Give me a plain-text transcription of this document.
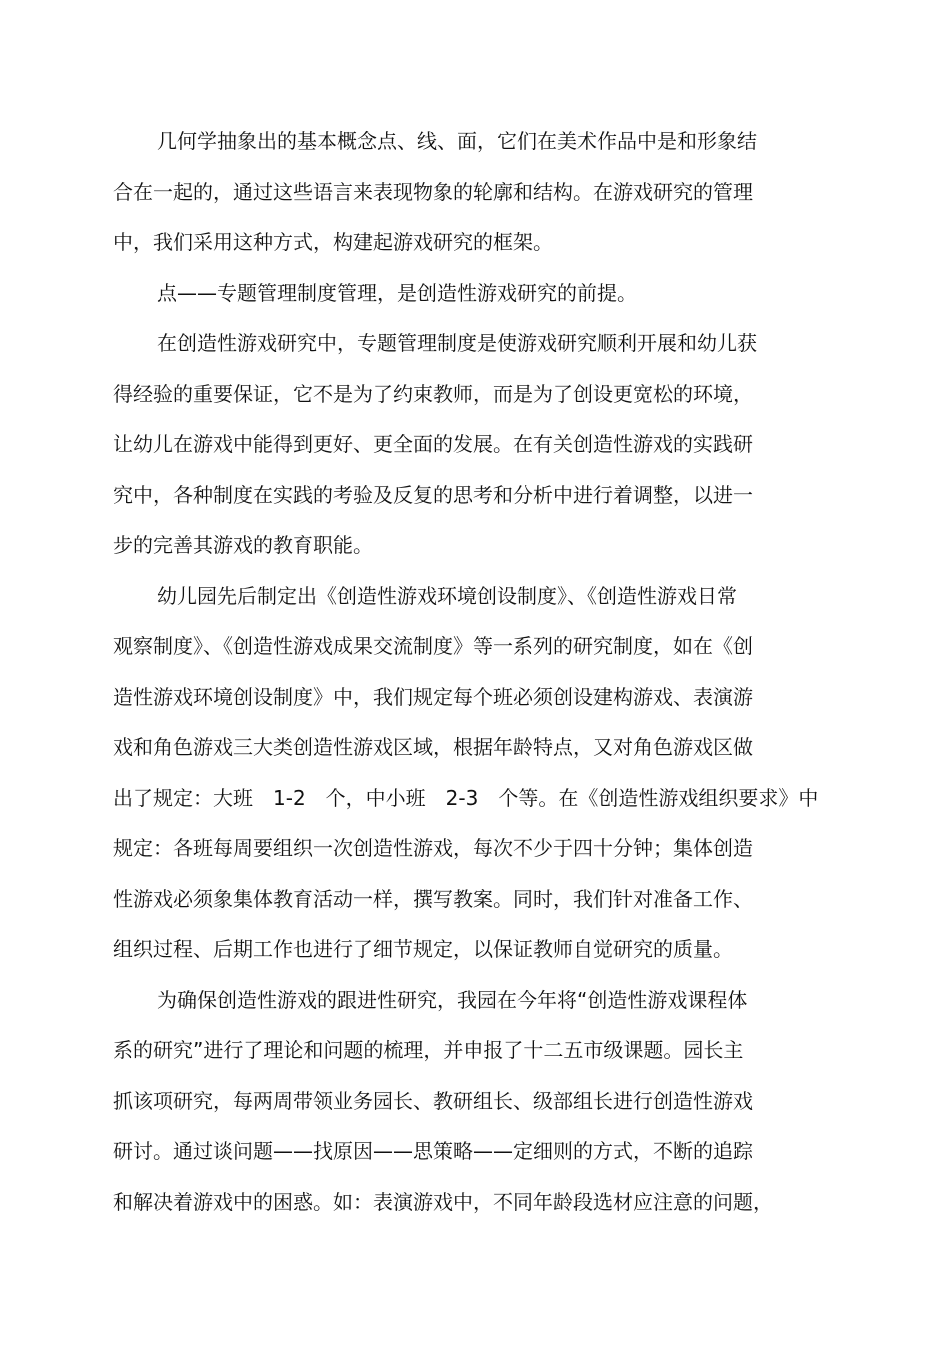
几何学抽象出的基本概念点、线、面，它们在美术作品中是和形象结
合在一起的，通过这些语言来表现物象的轮廓和结构。在游戏研究的管理
中，我们采用这种方式，构建起游戏研究的框架。
点——专题管理制度管理，是创造性游戏研究的前提。
在创造性游戏研究中，专题管理制度是使游戏研究顺利开展和幼儿获
得经验的重要保证，它不是为了约束教师，而是为了创设更宽松的环境，
让幼儿在游戏中能得到更好、更全面的发展。在有关创造性游戏的实践研
究中，各种制度在实践的考验及反复的思考和分析中进行着调整，以进一
步的完善其游戏的教育职能。
幼儿园先后制定出《创造性游戏环境创设制度》、《创造性游戏日常
观察制度》、《创造性游戏成果交流制度》等一系列的研究制度，如在《创
造性游戏环境创设制度》中，我们规定每个班必须创设建构游戏、表演游
戏和角色游戏三大类创造性游戏区域，根据年龄特点，又对角色游戏区做
出了规定：大班　1-2　个，中小班　2-3　个等。在《创造性游戏组织要求》中
规定：各班每周要组织一次创造性游戏，每次不少于四十分钟；集体创造
性游戏必须象集体教育活动一样，撰写教案。同时，我们针对准备工作、
组织过程、后期工作也进行了细节规定，以保证教师自觉研究的质量。
为确保创造性游戏的跟进性研究，我园在今年将“创造性游戏课程体
系的研究”进行了理论和问题的梳理，并申报了十二五市级课题。园长主
抓该项研究，每两周带领业务园长、教研组长、级部组长进行创造性游戏
研讨。通过谈问题——找原因——思策略——定细则的方式，不断的追踪
和解决着游戏中的困惑。如：表演游戏中，不同年龄段选材应注意的问题，
